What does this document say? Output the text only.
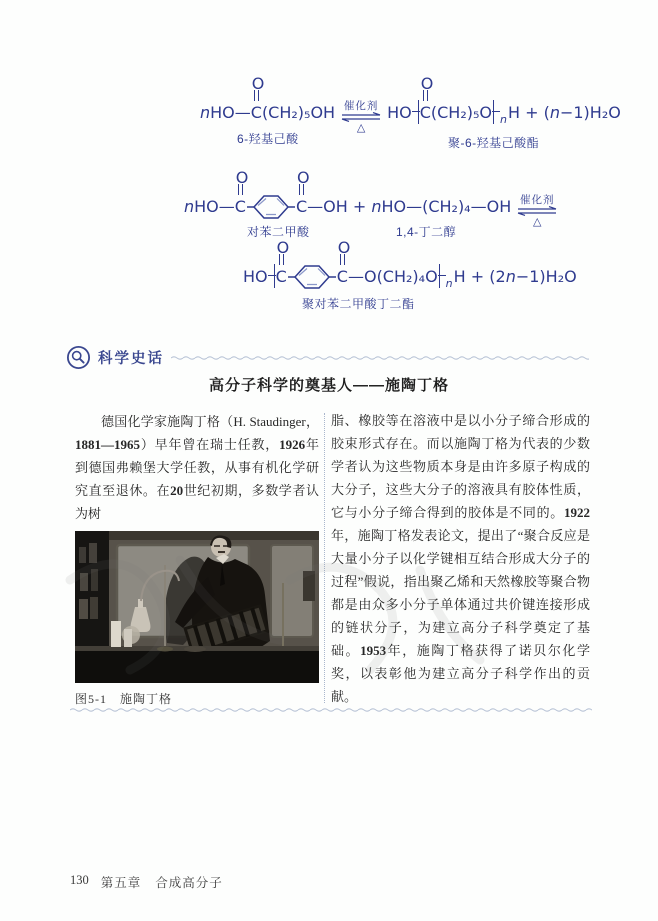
nHO—
O
C(CH₂)₅OH 催化剂
△
HO
O
C(CH₂)₅O $_n$H + (n−1)H₂O
6-羟基己酸	聚-6-羟基己酸酯
nHO—
O
C
O
C—OH + nHO—(CH₂)₄—OH 催化剂
△
对苯二甲酸	1,4-丁二醇
HO
O
C
O
C—O(CH₂)₄O $_n$H + (2n−1)H₂O
聚对苯二甲酸丁二酯
科学史话
高分子科学的奠基人——施陶丁格

德国化学家施陶丁格（H. Staudinger，1881—1965）早年曾在瑞士任教，1926年到德国弗赖堡大学任教，从事有机化学研究直至退休。在20世纪初期，多数学者认为树

图5-1　施陶丁格

脂、橡胶等在溶液中是以小分子缔合形成的胶束形式存在。而以施陶丁格为代表的少数学者认为这些物质本身是由许多原子构成的大分子，这些大分子的溶液具有胶体性质，它与小分子缔合得到的胶体是不同的。1922年，施陶丁格发表论文，提出了“聚合反应是大量小分子以化学键相互结合形成大分子的过程”假说，指出聚乙烯和天然橡胶等聚合物都是由众多小分子单体通过共价键连接形成的链状分子，为建立高分子科学奠定了基础。1953年，施陶丁格获得了诺贝尔化学奖，以表彰他为建立高分子科学作出的贡献。

130 第五章 合成高分子
